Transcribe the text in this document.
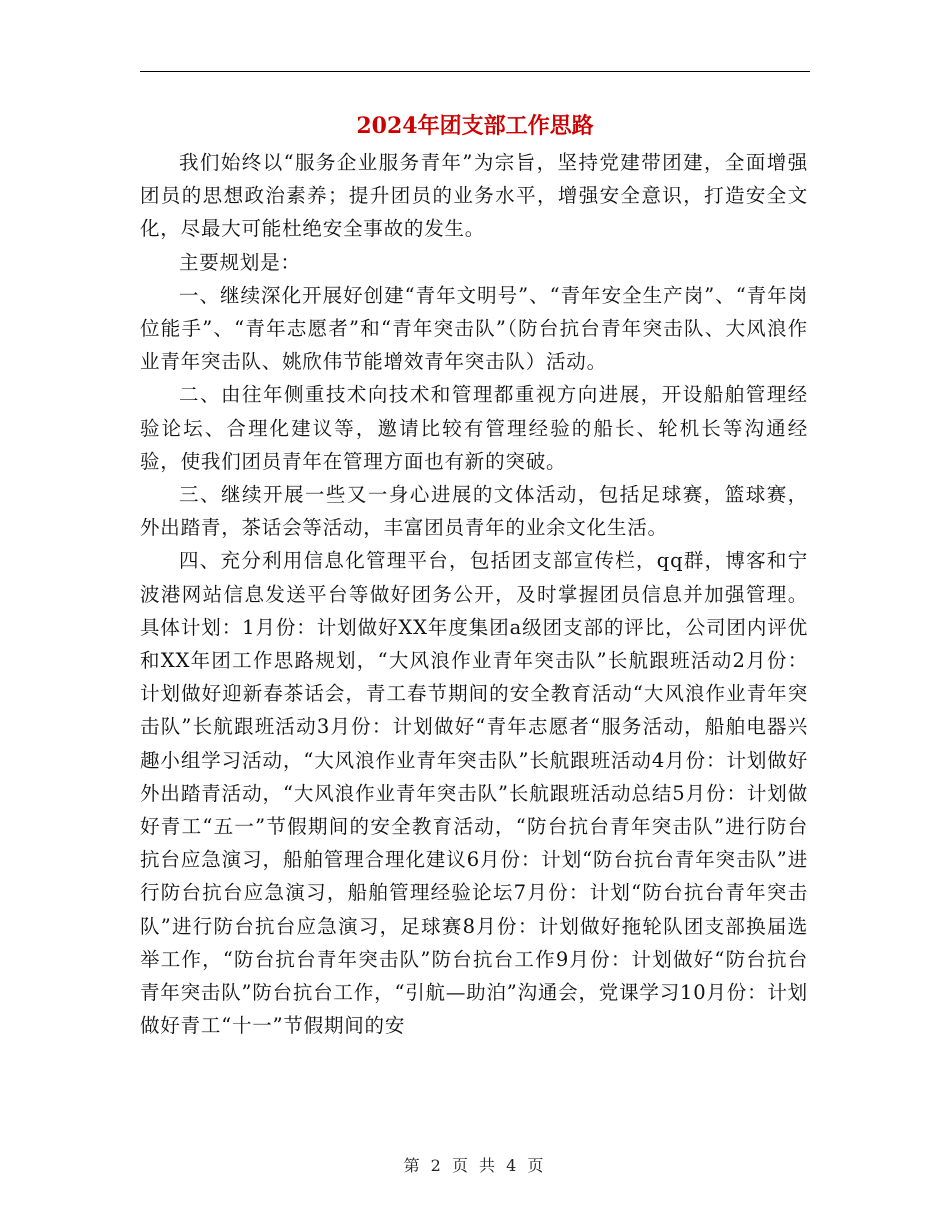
2024年团支部工作思路

我们始终以“服务企业服务青年”为宗旨，坚持党建带团建，全面增强团员的思想政治素养；提升团员的业务水平，增强安全意识，打造安全文化，尽最大可能杜绝安全事故的发生。

主要规划是：

一、继续深化开展好创建“青年文明号”、“青年安全生产岗”、“青年岗位能手”、“青年志愿者”和“青年突击队”（防台抗台青年突击队、大风浪作业青年突击队、姚欣伟节能增效青年突击队）活动。

二、由往年侧重技术向技术和管理都重视方向进展，开设船舶管理经验论坛、合理化建议等，邀请比较有管理经验的船长、轮机长等沟通经验，使我们团员青年在管理方面也有新的突破。

三、继续开展一些又一身心进展的文体活动，包括足球赛，篮球赛，外出踏青，茶话会等活动，丰富团员青年的业余文化生活。

四、充分利用信息化管理平台，包括团支部宣传栏，qq群，博客和宁波港网站信息发送平台等做好团务公开，及时掌握团员信息并加强管理。具体计划：1月份：计划做好XX年度集团a级团支部的评比，公司团内评优和XX年团工作思路规划，“大风浪作业青年突击队”长航跟班活动2月份：计划做好迎新春茶话会，青工春节期间的安全教育活动“大风浪作业青年突击队”长航跟班活动3月份：计划做好“青年志愿者“服务活动，船舶电器兴趣小组学习活动，“大风浪作业青年突击队”长航跟班活动4月份：计划做好外出踏青活动，“大风浪作业青年突击队”长航跟班活动总结5月份：计划做好青工“五一”节假期间的安全教育活动，“防台抗台青年突击队”进行防台抗台应急演习，船舶管理合理化建议6月份：计划“防台抗台青年突击队”进行防台抗台应急演习，船舶管理经验论坛7月份：计划“防台抗台青年突击队”进行防台抗台应急演习，足球赛8月份：计划做好拖轮队团支部换届选举工作，“防台抗台青年突击队”防台抗台工作9月份：计划做好“防台抗台青年突击队”防台抗台工作，“引航—助泊”沟通会，党课学习10月份：计划做好青工“十一”节假期间的安

第 2 页 共 4 页
